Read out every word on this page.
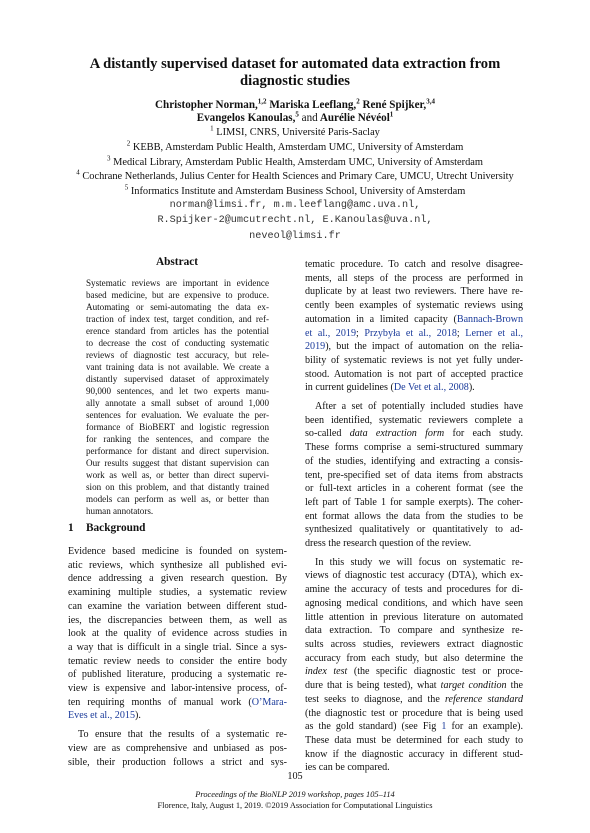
A distantly supervised dataset for automated data extraction from
diagnostic studies
Christopher Norman,$^{1,2}$ Mariska Leeflang,$^2$ René Spijker,$^{3,4}$
Evangelos Kanoulas,$^5$ and Aurélie Névéol$^1$
$^1$ LIMSI, CNRS, Université Paris-Saclay
$^2$ KEBB, Amsterdam Public Health, Amsterdam UMC, University of Amsterdam
$^3$ Medical Library, Amsterdam Public Health, Amsterdam UMC, University of Amsterdam
$^4$ Cochrane Netherlands, Julius Center for Health Sciences and Primary Care, UMCU, Utrecht University
$^5$ Informatics Institute and Amsterdam Business School, University of Amsterdam
norman@limsi.fr, m.m.leeflang@amc.uva.nl,
R.Spijker-2@umcutrecht.nl, E.Kanoulas@uva.nl,
neveol@limsi.fr
Abstract
Systematic reviews are important in evidence
based medicine, but are expensive to produce.
Automating or semi-automating the data ex-
traction of index test, target condition, and ref-
erence standard from articles has the potential
to decrease the cost of conducting systematic
reviews of diagnostic test accuracy, but rele-
vant training data is not available. We create a
distantly supervised dataset of approximately
90,000 sentences, and let two experts manu-
ally annotate a small subset of around 1,000
sentences for evaluation. We evaluate the per-
formance of BioBERT and logistic regression
for ranking the sentences, and compare the
performance for distant and direct supervision.
Our results suggest that distant supervision can
work as well as, or better than direct supervi-
sion on this problem, and that distantly trained
models can perform as well as, or better than
human annotators.
1 Background
Evidence based medicine is founded on system-
atic reviews, which synthesize all published evi-
dence addressing a given research question. By
examining multiple studies, a systematic review
can examine the variation between different stud-
ies, the discrepancies between them, as well as
look at the quality of evidence across studies in
a way that is difficult in a single trial. Since a sys-
tematic review needs to consider the entire body
of published literature, producing a systematic re-
view is expensive and labor-intensive process, of-
ten requiring months of manual work (O’Mara-
Eves et al., 2015).
To ensure that the results of a systematic re-
view are as comprehensive and unbiased as pos-
sible, their production follows a strict and sys-
tematic procedure. To catch and resolve disagree-
ments, all steps of the process are performed in
duplicate by at least two reviewers. There have re-
cently been examples of systematic reviews using
automation in a limited capacity (Bannach-Brown
et al., 2019; Przybyła et al., 2018; Lerner et al.,
2019), but the impact of automation on the relia-
bility of systematic reviews is not yet fully under-
stood. Automation is not part of accepted practice
in current guidelines (De Vet et al., 2008).
After a set of potentially included studies have
been identified, systematic reviewers complete a
so-called data extraction form for each study.
These forms comprise a semi-structured summary
of the studies, identifying and extracting a consis-
tent, pre-specified set of data items from abstracts
or full-text articles in a coherent format (see the
left part of Table 1 for sample exerpts). The coher-
ent format allows the data from the studies to be
synthesized qualitatively or quantitatively to ad-
dress the research question of the review.
In this study we will focus on systematic re-
views of diagnostic test accuracy (DTA), which ex-
amine the accuracy of tests and procedures for di-
agnosing medical conditions, and which have seen
little attention in previous literature on automated
data extraction. To compare and synthesize re-
sults across studies, reviewers extract diagnostic
accuracy from each study, but also determine the
index test (the specific diagnostic test or proce-
dure that is being tested), what target condition the
test seeks to diagnose, and the reference standard
(the diagnostic test or procedure that is being used
as the gold standard) (see Fig 1 for an example).
These data must be determined for each study to
know if the diagnostic accuracy in different stud-
ies can be compared.
105
Proceedings of the BioNLP 2019 workshop, pages 105–114
Florence, Italy, August 1, 2019. ©2019 Association for Computational Linguistics
